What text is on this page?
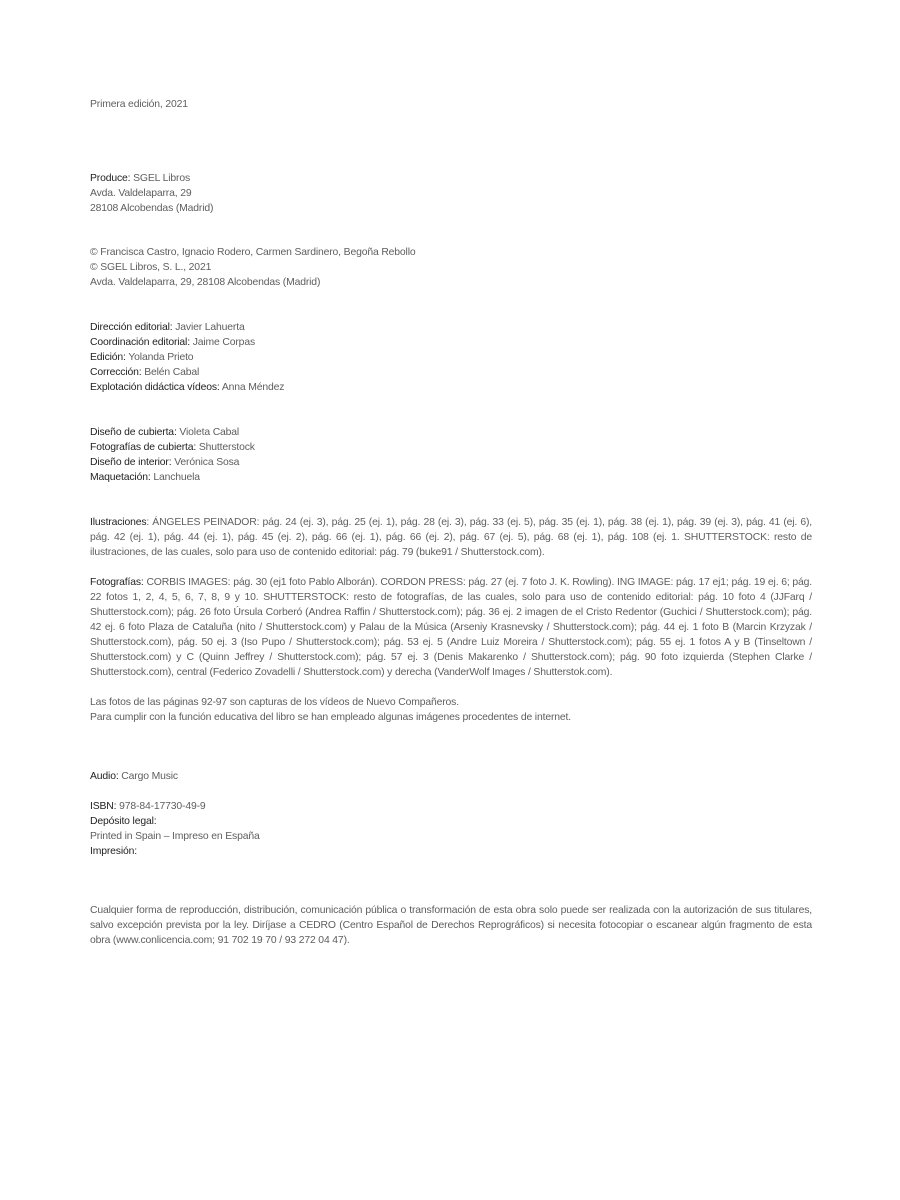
Primera edición, 2021
Produce: SGEL Libros
Avda. Valdelaparra, 29
28108 Alcobendas (Madrid)
© Francisca Castro, Ignacio Rodero, Carmen Sardinero, Begoña Rebollo
© SGEL Libros, S. L., 2021
Avda. Valdelaparra, 29, 28108 Alcobendas (Madrid)
Dirección editorial: Javier Lahuerta
Coordinación editorial: Jaime Corpas
Edición: Yolanda Prieto
Corrección: Belén Cabal
Explotación didáctica vídeos: Anna Méndez
Diseño de cubierta: Violeta Cabal
Fotografías de cubierta: Shutterstock
Diseño de interior: Verónica Sosa
Maquetación: Lanchuela

Ilustraciones: ÁNGELES PEINADOR: pág. 24 (ej. 3), pág. 25 (ej. 1), pág. 28 (ej. 3), pág. 33 (ej. 5), pág. 35 (ej. 1), pág. 38 (ej. 1), pág. 39 (ej. 3), pág. 41 (ej. 6), pág. 42 (ej. 1), pág. 44 (ej. 1), pág. 45 (ej. 2), pág. 66 (ej. 1), pág. 66 (ej. 2), pág. 67 (ej. 5), pág. 68 (ej. 1), pág. 108 (ej. 1. SHUTTERSTOCK: resto de ilustraciones, de las cuales, solo para uso de contenido editorial: pág. 79 (buke91 / Shutterstock.com).

Fotografías: CORBIS IMAGES: pág. 30 (ej1 foto Pablo Alborán). CORDON PRESS: pág. 27 (ej. 7 foto J. K. Rowling). ING IMAGE: pág. 17 ej1; pág. 19 ej. 6; pág. 22 fotos 1, 2, 4, 5, 6, 7, 8, 9 y 10. SHUTTERSTOCK: resto de fotografías, de las cuales, solo para uso de contenido editorial: pág. 10 foto 4 (JJFarq / Shutterstock.com); pág. 26 foto Úrsula Corberó (Andrea Raffin / Shutterstock.com); pág. 36 ej. 2 imagen de el Cristo Redentor (Guchici / Shutterstock.com); pág. 42 ej. 6 foto Plaza de Cataluña (nito / Shutterstock.com) y Palau de la Música (Arseniy Krasnevsky / Shutterstock.com); pág. 44 ej. 1 foto B (Marcin Krzyzak / Shutterstock.com), pág. 50 ej. 3 (Iso Pupo / Shutterstock.com); pág. 53 ej. 5 (Andre Luiz Moreira / Shutterstock.com); pág. 55 ej. 1 fotos A y B (Tinseltown / Shutterstock.com) y C (Quinn Jeffrey / Shutterstock.com); pág. 57 ej. 3 (Denis Makarenko / Shutterstock.com); pág. 90 foto izquierda (Stephen Clarke / Shutterstock.com), central (Federico Zovadelli / Shutterstock.com) y derecha (VanderWolf Images / Shutterstok.com).

Las fotos de las páginas 92-97 son capturas de los vídeos de Nuevo Compañeros.
Para cumplir con la función educativa del libro se han empleado algunas imágenes procedentes de internet.
Audio: Cargo Music
ISBN: 978-84-17730-49-9
Depósito legal:
Printed in Spain – Impreso en España
Impresión:

Cualquier forma de reproducción, distribución, comunicación pública o transformación de esta obra solo puede ser realizada con la autorización de sus titulares, salvo excepción prevista por la ley. Diríjase a CEDRO (Centro Español de Derechos Reprográficos) si necesita fotocopiar o escanear algún fragmento de esta obra (www.conlicencia.com; 91 702 19 70 / 93 272 04 47).
